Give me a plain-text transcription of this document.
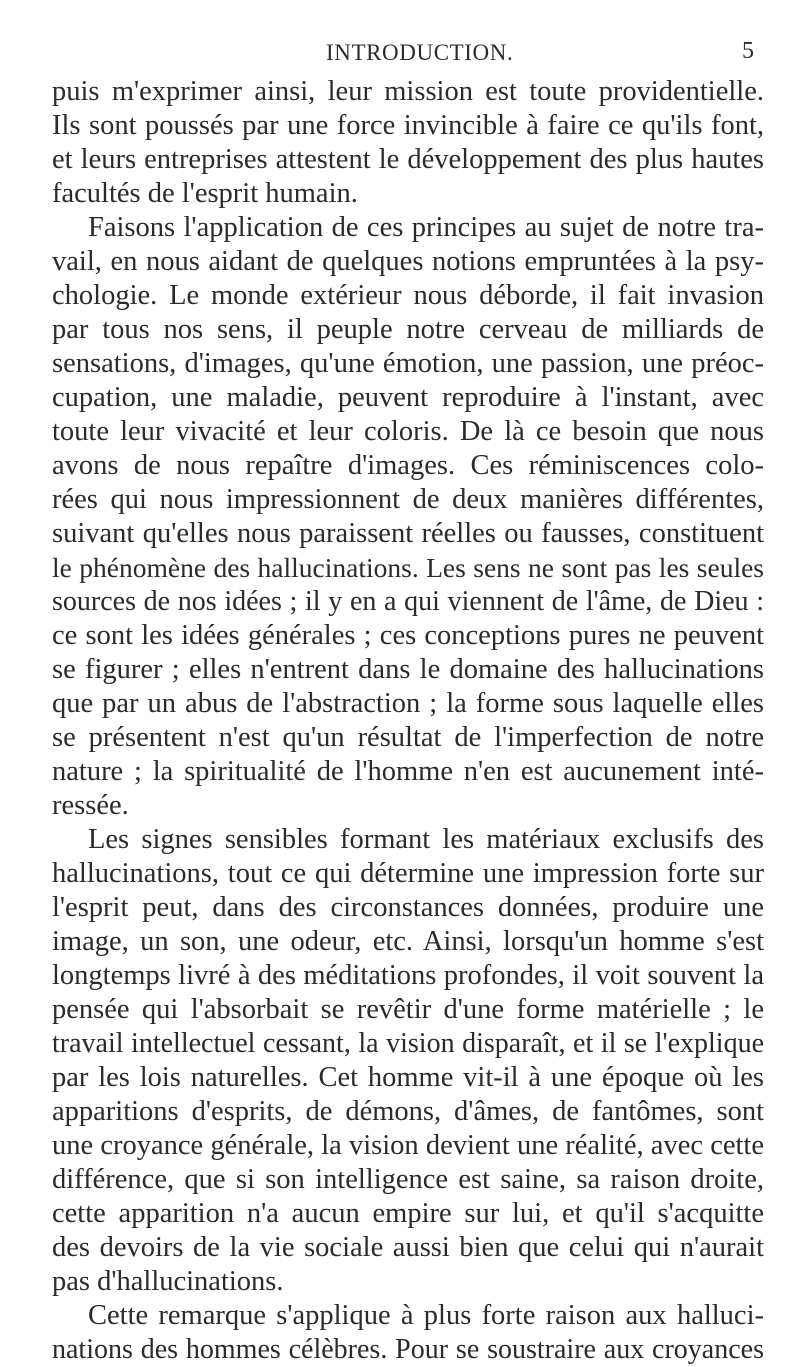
INTRODUCTION.	5
puis m'exprimer ainsi, leur mission est toute providentielle.
Ils sont poussés par une force invincible à faire ce qu'ils font,
et leurs entreprises attestent le développement des plus hautes
facultés de l'esprit humain.
Faisons l'application de ces principes au sujet de notre tra-
vail, en nous aidant de quelques notions empruntées à la psy-
chologie. Le monde extérieur nous déborde, il fait invasion
par tous nos sens, il peuple notre cerveau de milliards de
sensations, d'images, qu'une émotion, une passion, une préoc-
cupation, une maladie, peuvent reproduire à l'instant, avec
toute leur vivacité et leur coloris. De là ce besoin que nous
avons de nous repaître d'images. Ces réminiscences colo-
rées qui nous impressionnent de deux manières différentes,
suivant qu'elles nous paraissent réelles ou fausses, constituent
le phénomène des hallucinations. Les sens ne sont pas les seules
sources de nos idées ; il y en a qui viennent de l'âme, de Dieu :
ce sont les idées générales ; ces conceptions pures ne peuvent
se figurer ; elles n'entrent dans le domaine des hallucinations
que par un abus de l'abstraction ; la forme sous laquelle elles
se présentent n'est qu'un résultat de l'imperfection de notre
nature ; la spiritualité de l'homme n'en est aucunement inté-
ressée.
Les signes sensibles formant les matériaux exclusifs des
hallucinations, tout ce qui détermine une impression forte sur
l'esprit peut, dans des circonstances données, produire une
image, un son, une odeur, etc. Ainsi, lorsqu'un homme s'est
longtemps livré à des méditations profondes, il voit souvent la
pensée qui l'absorbait se revêtir d'une forme matérielle ; le
travail intellectuel cessant, la vision disparaît, et il se l'explique
par les lois naturelles. Cet homme vit-il à une époque où les
apparitions d'esprits, de démons, d'âmes, de fantômes, sont
une croyance générale, la vision devient une réalité, avec cette
différence, que si son intelligence est saine, sa raison droite,
cette apparition n'a aucun empire sur lui, et qu'il s'acquitte
des devoirs de la vie sociale aussi bien que celui qui n'aurait
pas d'hallucinations.
Cette remarque s'applique à plus forte raison aux halluci-
nations des hommes célèbres. Pour se soustraire aux croyances
